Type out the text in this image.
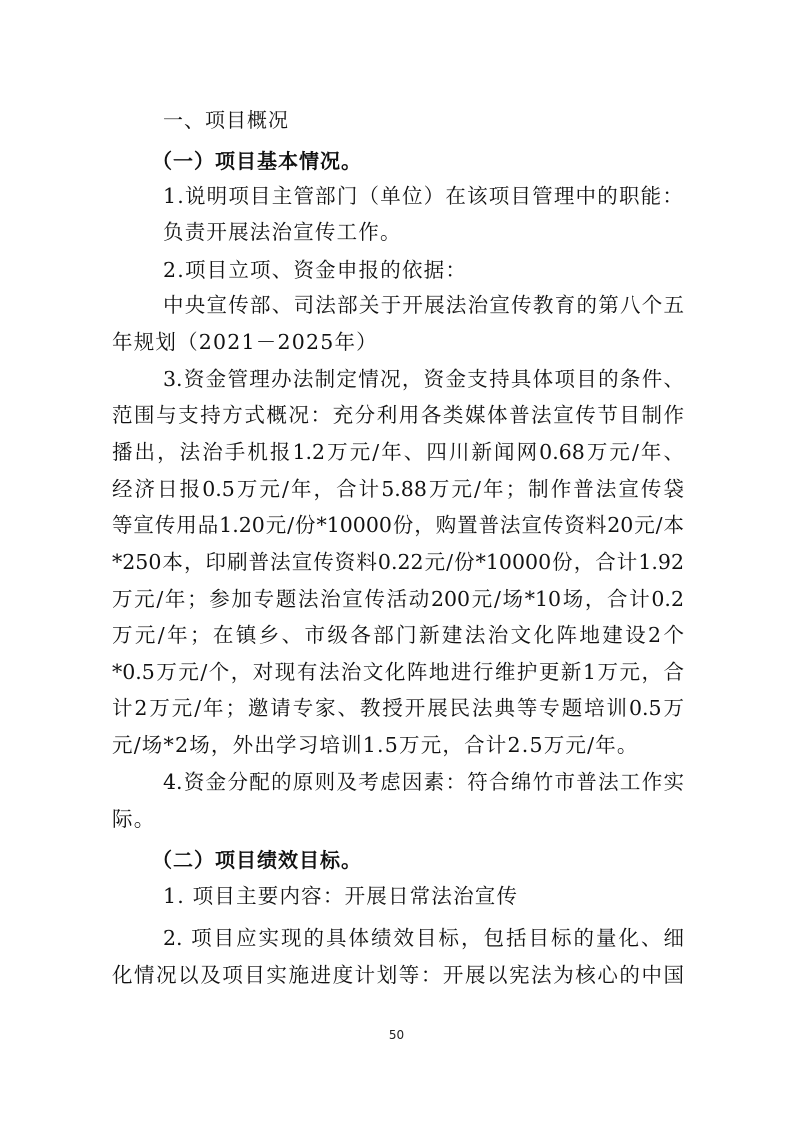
一、项目概况
（一）项目基本情况。
1.说明项目主管部门（单位）在该项目管理中的职能：
负责开展法治宣传工作。
2.项目立项、资金申报的依据：
中央宣传部、司法部关于开展法治宣传教育的第八个五
年规划（2021－2025年）
3.资金管理办法制定情况，资金支持具体项目的条件、
范围与支持方式概况：充分利用各类媒体普法宣传节目制作
播出，法治手机报1.2万元/年、四川新闻网0.68万元/年、
经济日报0.5万元/年，合计5.88万元/年；制作普法宣传袋
等宣传用品1.20元/份*10000份，购置普法宣传资料20元/本
*250本，印刷普法宣传资料0.22元/份*10000份，合计1.92
万元/年；参加专题法治宣传活动200元/场*10场，合计0.2
万元/年；在镇乡、市级各部门新建法治文化阵地建设2个
*0.5万元/个，对现有法治文化阵地进行维护更新1万元，合
计2万元/年；邀请专家、教授开展民法典等专题培训0.5万
元/场*2场，外出学习培训1.5万元，合计2.5万元/年。
4.资金分配的原则及考虑因素：符合绵竹市普法工作实
际。
（二）项目绩效目标。
1. 项目主要内容：开展日常法治宣传
2. 项目应实现的具体绩效目标，包括目标的量化、细
化情况以及项目实施进度计划等：开展以宪法为核心的中国
50
